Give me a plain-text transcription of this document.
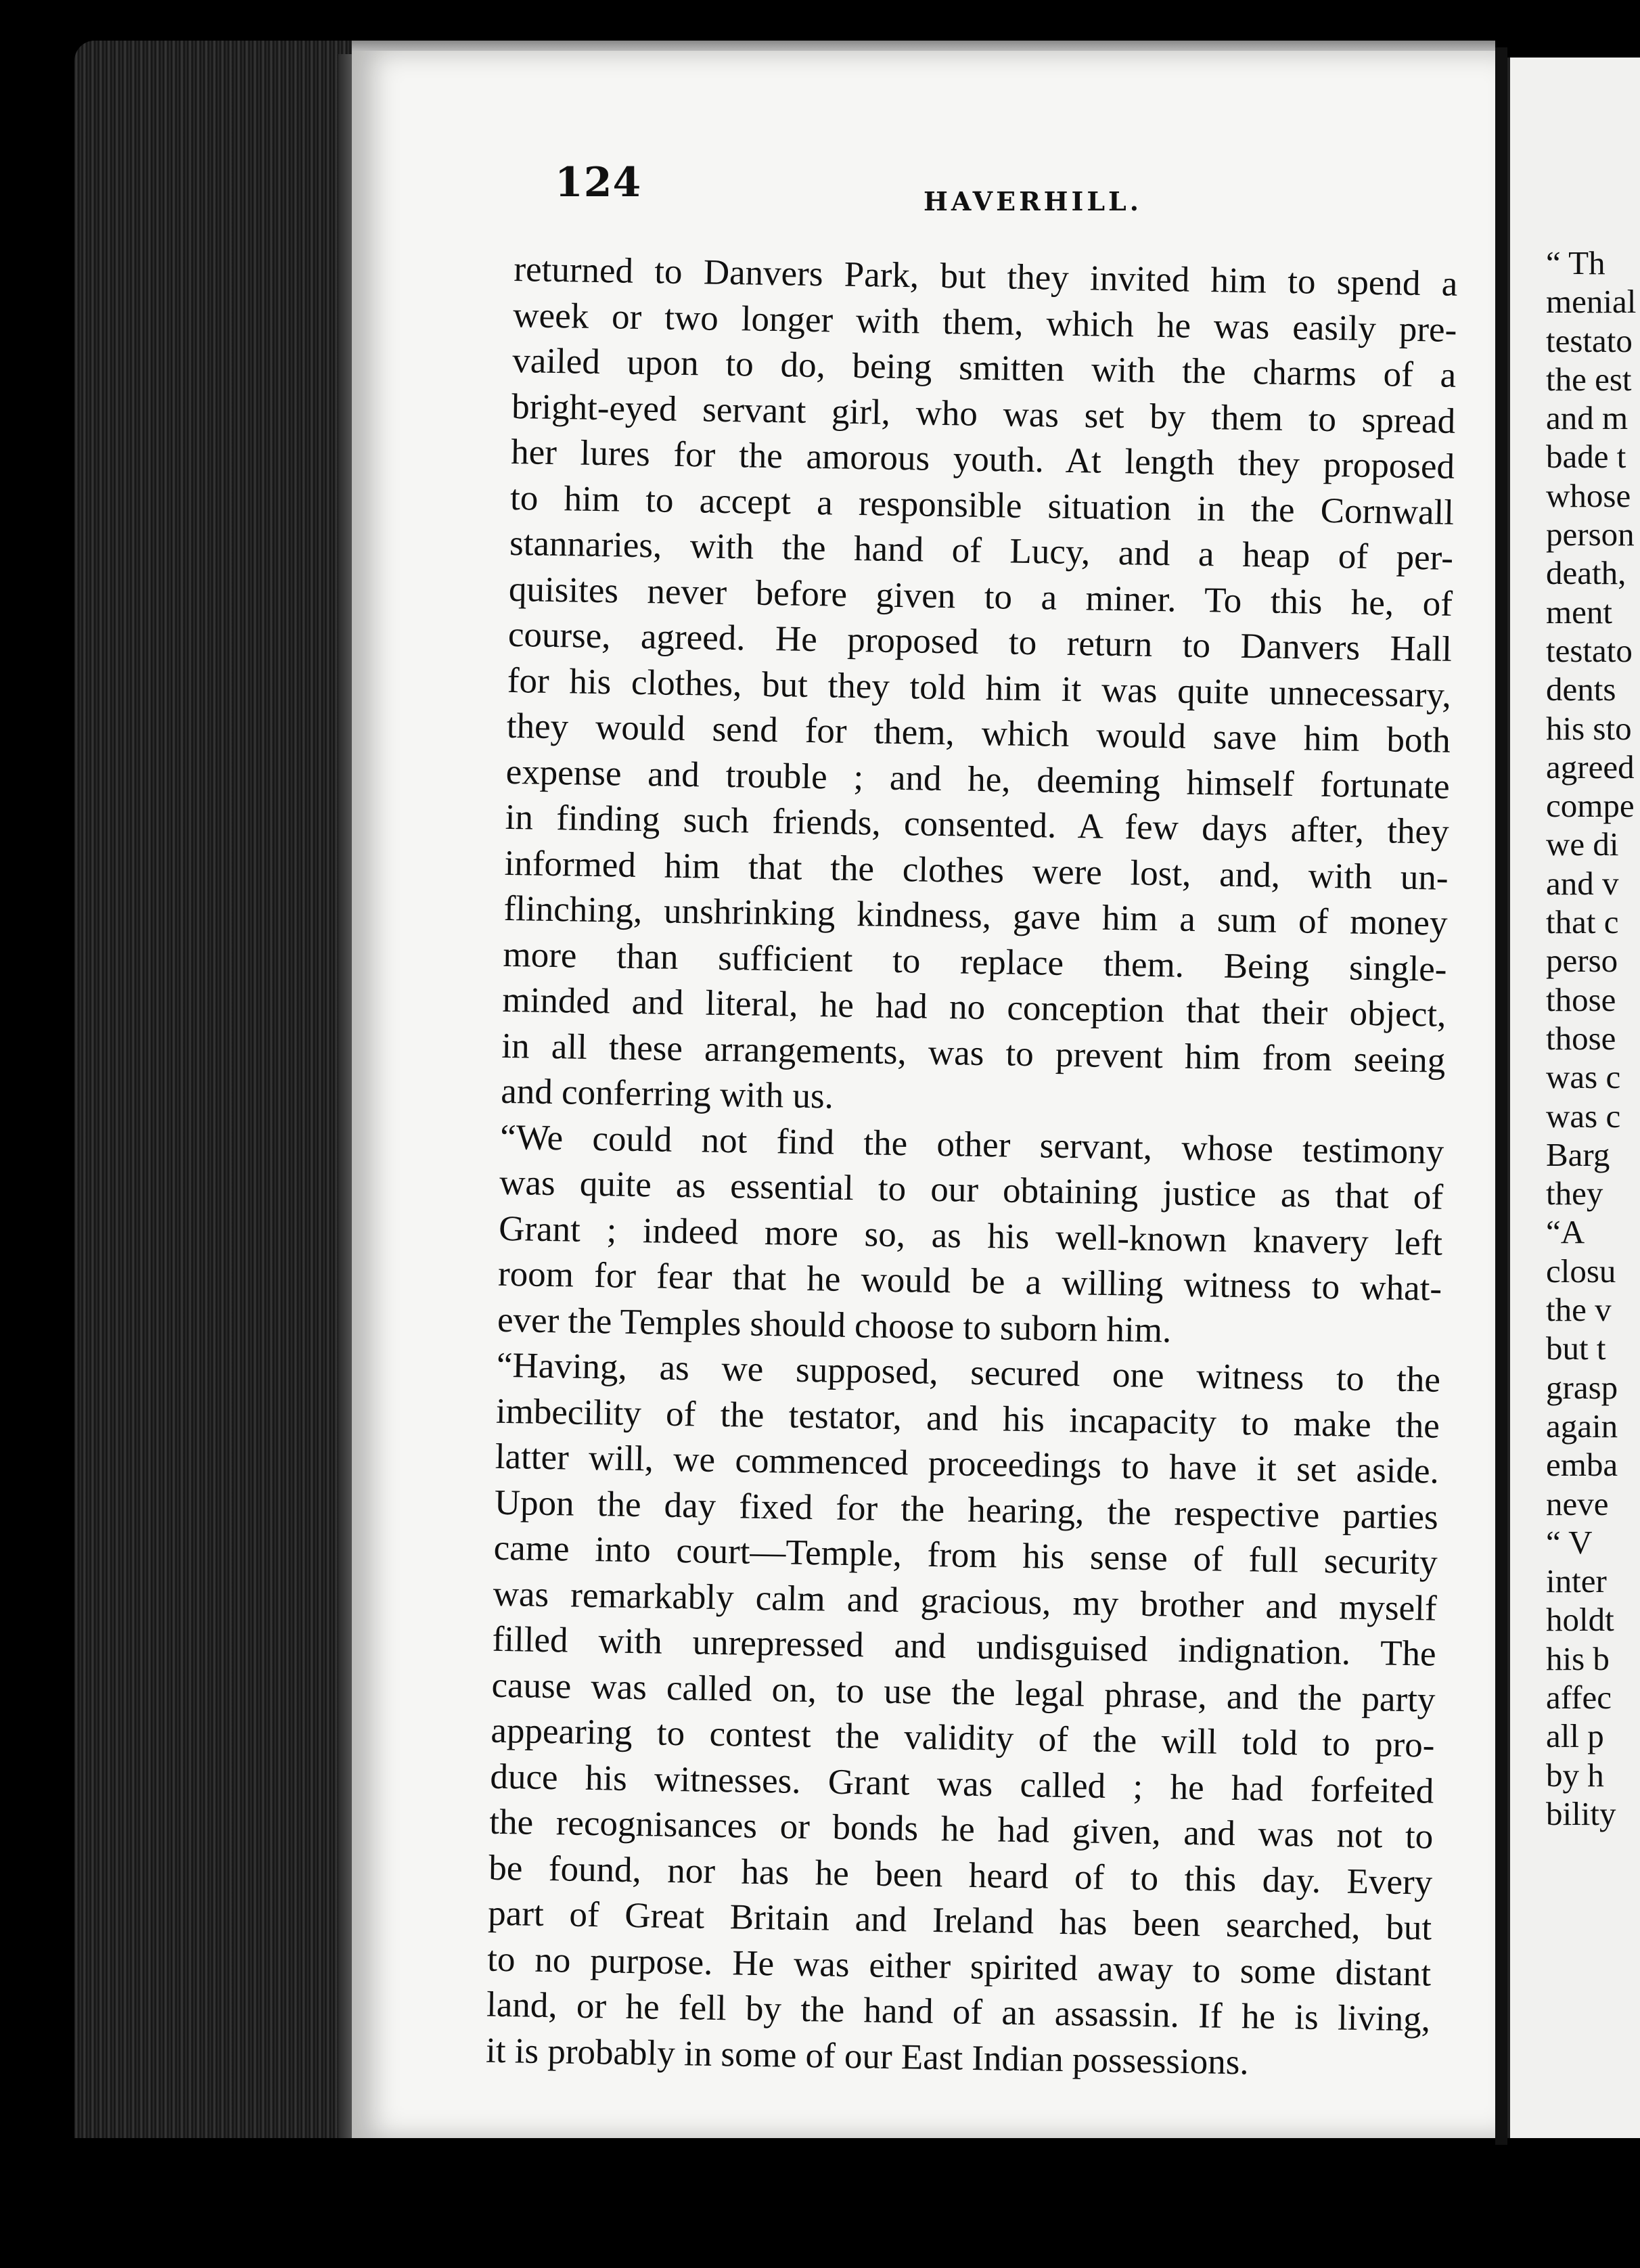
124	HAVERHILL.

returned to Danvers Park, but they invited him to spend a
week or two longer with them, which he was easily pre-
vailed upon to do, being smitten with the charms of a
bright-eyed servant girl, who was set by them to spread
her lures for the amorous youth. At length they proposed
to him to accept a responsible situation in the Cornwall
stannaries, with the hand of Lucy, and a heap of per-
quisites never before given to a miner. To this he, of
course, agreed. He proposed to return to Danvers Hall
for his clothes, but they told him it was quite unnecessary,
they would send for them, which would save him both
expense and trouble ; and he, deeming himself fortunate
in finding such friends, consented. A few days after, they
informed him that the clothes were lost, and, with un-
flinching, unshrinking kindness, gave him a sum of money
more than sufficient to replace them. Being single-
minded and literal, he had no conception that their object,
in all these arrangements, was to prevent him from seeing
and conferring with us.

“We could not find the other servant, whose testimony
was quite as essential to our obtaining justice as that of
Grant ; indeed more so, as his well-known knavery left
room for fear that he would be a willing witness to what-
ever the Temples should choose to suborn him.

“Having, as we supposed, secured one witness to the
imbecility of the testator, and his incapacity to make the
latter will, we commenced proceedings to have it set aside.
Upon the day fixed for the hearing, the respective parties
came into court—Temple, from his sense of full security
was remarkably calm and gracious, my brother and myself
filled with unrepressed and undisguised indignation. The
cause was called on, to use the legal phrase, and the party
appearing to contest the validity of the will told to pro-
duce his witnesses. Grant was called ; he had forfeited
the recognisances or bonds he had given, and was not to
be found, nor has he been heard of to this day. Every
part of Great Britain and Ireland has been searched, but
to no purpose. He was either spirited away to some distant
land, or he fell by the hand of an assassin. If he is living,
it is probably in some of our East Indian possessions.

“ Th
menial
testato
the est
and m
bade t
whose
person
death,
ment
testato
dents
his sto
agreed
compe
we di
and v
that c
perso
those
those
was c
was c
Barg
they
“A
closu
the v
but t
grasp
again
emba
neve
“ V
inter
holdt
his b
affec
all p
by h
bility
